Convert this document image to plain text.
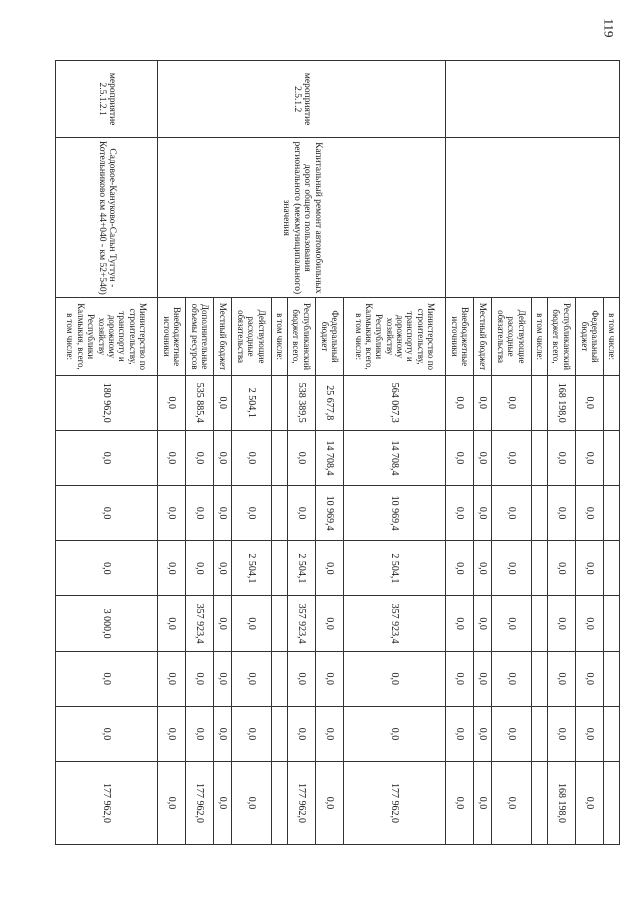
119
		в том числе:								
		Федеральный бюджет	0,0	0,0	0,0	0,0	0,0	0,0	0,0	0,0
		Республиканский бюджет всего,	168 198,0	0,0	0,0	0,0	0,0	0,0	0,0	168 198,0
		в том числе:								
		Действующие расходные обязательства	0,0	0,0	0,0	0,0	0,0	0,0	0,0	0,0
		Местный бюджет	0,0	0,0	0,0	0,0	0,0	0,0	0,0	0,0
		Внебюджетные источники	0,0	0,0	0,0	0,0	0,0	0,0	0,0	0,0
мероприятие 2.5.1.2	Капитальный ремонт автомобильных дорог общего пользования регионального (межмуниципального) значения	Министерство по строительству, транспорту и дорожному хозяйству Республики Калмыкия, всего, в том числе:	564 067,3	14 708,4	10 969,4	2 504,1	357 923,4	0,0	0,0	177 962,0
		Федеральный бюджет	25 677,8	14 708,4	10 969,4	0,0	0,0	0,0	0,0	0,0
		Республиканский бюджет всего,	538 389,5	0,0	0,0	2 504,1	357 923,4	0,0	0,0	177 962,0
		в том числе:								
		Действующие расходные обязательства	2 504,1	0,0	0,0	2 504,1	0,0	0,0	0,0	0,0
		Местный бюджет	0,0	0,0	0,0	0,0	0,0	0,0	0,0	0,0
		Дополнительные объемы ресурсов	535 885,4	0,0	0,0	0,0	357 923,4	0,0	0,0	177 962,0
		Внебюджетные источники	0,0	0,0	0,0	0,0	0,0	0,0	0,0	0,0
мероприятие 2.5.1.2.1	Садовое-Кануково-Сальн Тугтун - Котельниково км 44+040 - км 52+540)	Министерство по строительству, транспорту и дорожному хозяйству Республики Калмыкия, всего, в том числе:	180 962,0	0,0	0,0	0,0	3 000,0	0,0	0,0	177 962,0
